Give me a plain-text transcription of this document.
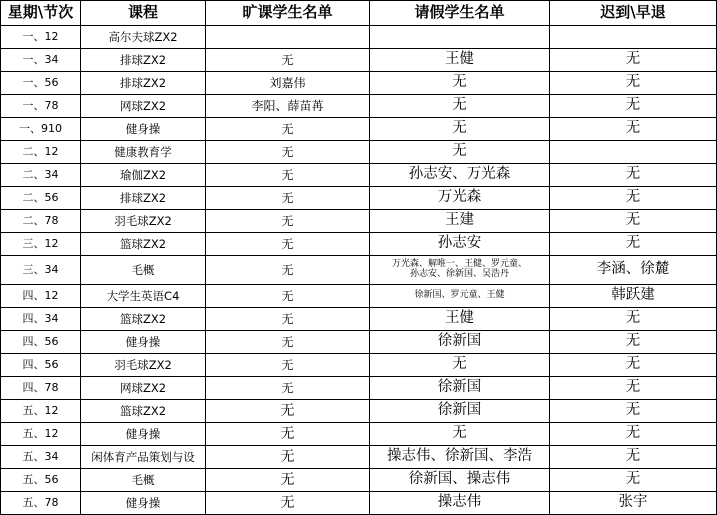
星期\节次	课程	旷课学生名单	请假学生名单	迟到\早退
一、12	高尔夫球ZX2			
一、34	排球ZX2	无	王健	无
一、56	排球ZX2	刘嘉伟	无	无
一、78	网球ZX2	李阳、薛苗苒	无	无
一、910	健身操	无	无	无
二、12	健康教育学	无	无	
二、34	瑜伽ZX2	无	孙志安、万光森	无
二、56	排球ZX2	无	万光森	无
二、78	羽毛球ZX2	无	王建	无
三、12	篮球ZX2	无	孙志安	无
三、34	毛概	无	万光森、解唯一、王健、罗元童、
孙志安、徐新国、吴浩丹	李涵、徐麓
四、12	大学生英语C4	无	徐新国、罗元童、王健	韩跃建
四、34	篮球ZX2	无	王健	无
四、56	健身操	无	徐新国	无
四、56	羽毛球ZX2	无	无	无
四、78	网球ZX2	无	徐新国	无
五、12	篮球ZX2	无	徐新国	无
五、12	健身操	无	无	无
五、34	闲体育产品策划与设	无	操志伟、徐新国、李浩	无
五、56	毛概	无	徐新国、操志伟	无
五、78	健身操	无	操志伟	张宇
